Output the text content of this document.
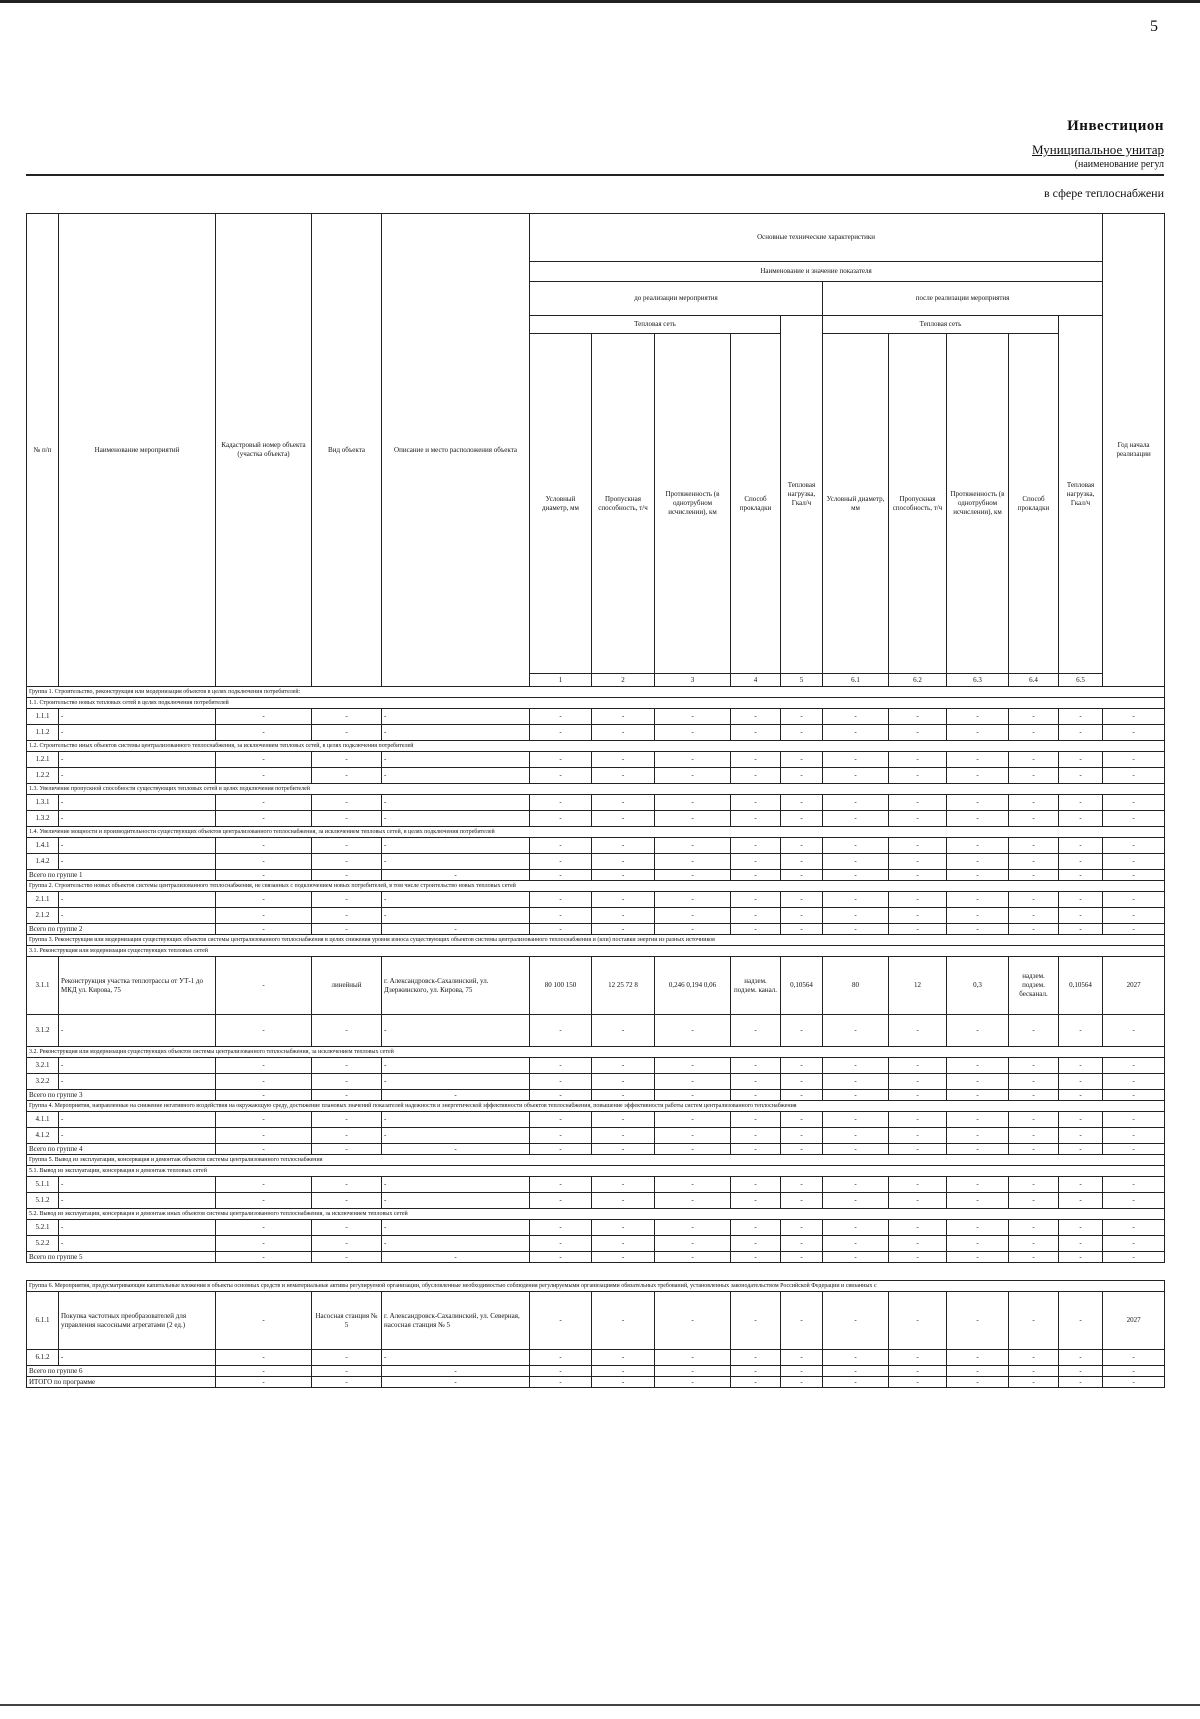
5
Инвестицион
Муниципальное унитар
(наименование регул
в сфере теплоснабжени
№ п/п	Наименование мероприятий	Кадастровый номер объекта (участка объекта)	Вид объекта	Описание и место расположения объекта	Основные технические характеристики										Год начала реализации	
					Наименование и значение показателя											
					до реализации мероприятия					после реализации мероприятия						
					Тепловая сеть				Тепловая нагрузка, Гкал/ч	Тепловая сеть				Тепловая нагрузка, Гкал/ч		
					Условный диаметр, мм	Пропускная способность, т/ч	Протяженность (в однотрубном исчислении), км	Способ прокладки		Условный диаметр, мм	Пропускная способность, т/ч	Протяженность (в однотрубном исчислении), км	Способ прокладки			
					1	2	3	4	5	6.1	6.2	6.3	6.4	6.5						
Группа 1. Строительство, реконструкция или модернизация объектов в целях подключения потребителей:																
1.1. Строительство новых тепловых сетей в целях подключения потребителей																
1.1.1	-	-	-	-	-	-	-	-	-	-	-	-	-	-	-	
1.1.2	-	-	-	-	-	-	-	-	-	-	-	-	-	-	-	
1.2. Строительство иных объектов системы централизованного теплоснабжения, за исключением тепловых сетей, в целях подключения потребителей																
1.2.1	-	-	-	-	-	-	-	-	-	-	-	-	-	-	-	
1.2.2	-	-	-	-	-	-	-	-	-	-	-	-	-	-	-	
1.3. Увеличение пропускной способности существующих тепловых сетей в целях подключения потребителей																
1.3.1	-	-	-	-	-	-	-	-	-	-	-	-	-	-	-	
1.3.2	-	-	-	-	-	-	-	-	-	-	-	-	-	-	-	
1.4. Увеличение мощности и производительности существующих объектов централизованного теплоснабжения, за исключением тепловых сетей, в целях подключения потребителей																
1.4.1	-	-	-	-	-	-	-	-	-	-	-	-	-	-	-	
1.4.2	-	-	-	-	-	-	-	-	-	-	-	-	-	-	-	
Всего по группе 1		-	-	-	-	-	-	-	-	-	-	-	-	-	-	
Группа 2. Строительство новых объектов системы централизованного теплоснабжения, не связанных с подключением новых потребителей, в том числе строительство новых тепловых сетей																
2.1.1	-	-	-	-	-	-	-	-	-	-	-	-	-	-	-	
2.1.2	-	-	-	-	-	-	-	-	-	-	-	-	-	-	-	
Всего по группе 2		-	-	-	-	-	-	-	-	-	-	-	-	-	-	
Группа 3. Реконструкция или модернизация существующих объектов системы централизованного теплоснабжения в целях снижения уровня износа существующих объектов системы централизованного теплоснабжения и (или) поставки энергии из разных источников																
3.1. Реконструкция или модернизация существующих тепловых сетей																
3.1.1	Реконструкция участка теплотрассы от УТ-1 до МКД ул. Кирова, 75	-	линейный	г. Александровск-Сахалинский, ул. Дзержинского, ул. Кирова, 75	80 100 150	12 25 72 8	0,246 0,194 0,06	надзем. подзем. канал.	0,10564	80	12	0,3	надзем. подзем. бесканал.	0,10564	2027	
3.1.2	-	-	-	-	-	-	-	-	-	-	-	-	-	-	-	
3.2. Реконструкция или модернизация существующих объектов системы централизованного теплоснабжения, за исключением тепловых сетей																
3.2.1	-	-	-	-	-	-	-	-	-	-	-	-	-	-	-	
3.2.2	-	-	-	-	-	-	-	-	-	-	-	-	-	-	-	
Всего по группе 3		-	-	-	-	-	-	-	-	-	-	-	-	-	-	
Группа 4. Мероприятия, направленные на снижение негативного воздействия на окружающую среду, достижение плановых значений показателей надежности и энергетической эффективности объектов теплоснабжения, повышение эффективности работы систем централизованного теплоснабжения																
4.1.1	-	-	-	-	-	-	-	-	-	-	-	-	-	-	-	
4.1.2	-	-	-	-	-	-	-	-	-	-	-	-	-	-	-	
Всего по группе 4		-	-	-	-	-	-	-	-	-	-	-	-	-	-	
Группа 5. Вывод из эксплуатации, консервация и демонтаж объектов системы централизованного теплоснабжения																
5.1. Вывод из эксплуатации, консервация и демонтаж тепловых сетей																
5.1.1	-	-	-	-	-	-	-	-	-	-	-	-	-	-	-	
5.1.2	-	-	-	-	-	-	-	-	-	-	-	-	-	-	-	
5.2. Вывод из эксплуатации, консервация и демонтаж иных объектов системы централизованного теплоснабжения, за исключением тепловых сетей																
5.2.1	-	-	-	-	-	-	-	-	-	-	-	-	-	-	-	
5.2.2	-	-	-	-	-	-	-	-	-	-	-	-	-	-	-	
Всего по группе 5		-	-	-	-	-	-	-	-	-	-	-	-	-	-	

Группа 6. Мероприятия, предусматривающие капитальные вложения в объекты основных средств и нематериальные активы регулируемой организации, обусловленные необходимостью соблюдения регулируемыми организациями обязательных требований, установленных законодательством Российской Федерации и связанных с																
6.1.1	Покупка частотных преобразователей для управления насосными агрегатами (2 ед.)	-	Насосная станция № 5	г. Александровск-Сахалинский, ул. Северная, насосная станция № 5	-	-	-	-	-	-	-	-	-	-	2027	
6.1.2	-	-	-	-	-	-	-	-	-	-	-	-	-	-	-	
Всего по группе 6		-	-	-	-	-	-	-	-	-	-	-	-	-	-	
ИТОГО по программе		-	-	-	-	-	-	-	-	-	-	-	-	-	-	
